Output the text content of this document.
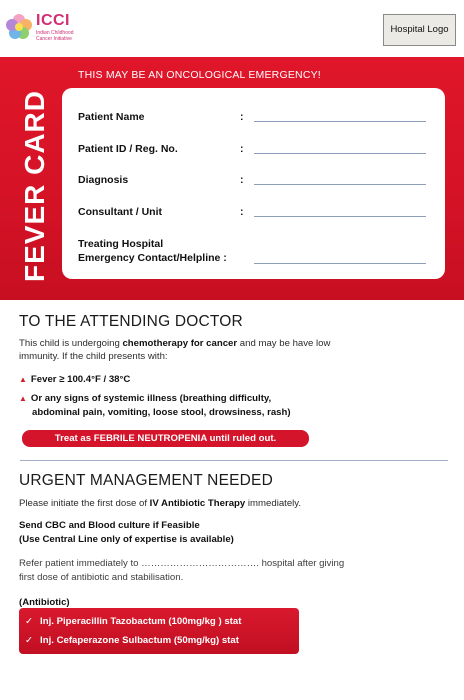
ICCI
Indian Childhood Cancer Initiative
Hospital Logo
THIS MAY BE AN ONCOLOGICAL EMERGENCY!
FEVER CARD	Patient Name	:
Patient ID / Reg. No.	:
Diagnosis	:
Consultant / Unit	:
Treating Hospital
Emergency Contact/Helpline :
TO THE ATTENDING DOCTOR
This child is undergoing chemotherapy for cancer and may be have low
immunity. If the child presents with:
▲ Fever ≥ 100.4°F / 38°C
▲ Or any signs of systemic illness (breathing difficulty,
abdominal pain, vomiting, loose stool, drowsiness, rash)
Treat as FEBRILE NEUTROPENIA until ruled out.
URGENT MANAGEMENT NEEDED
Please initiate the first dose of IV Antibiotic Therapy immediately.
Send CBC and Blood culture if Feasible
(Use Central Line only of expertise is available)
Refer patient immediately to ………………………………. hospital after giving
first dose of antibiotic and stabilisation.
(Antibiotic)
✓ Inj. Piperacillin Tazobactum (100mg/kg ) stat
✓ Inj. Cefaperazone Sulbactum (50mg/kg) stat
